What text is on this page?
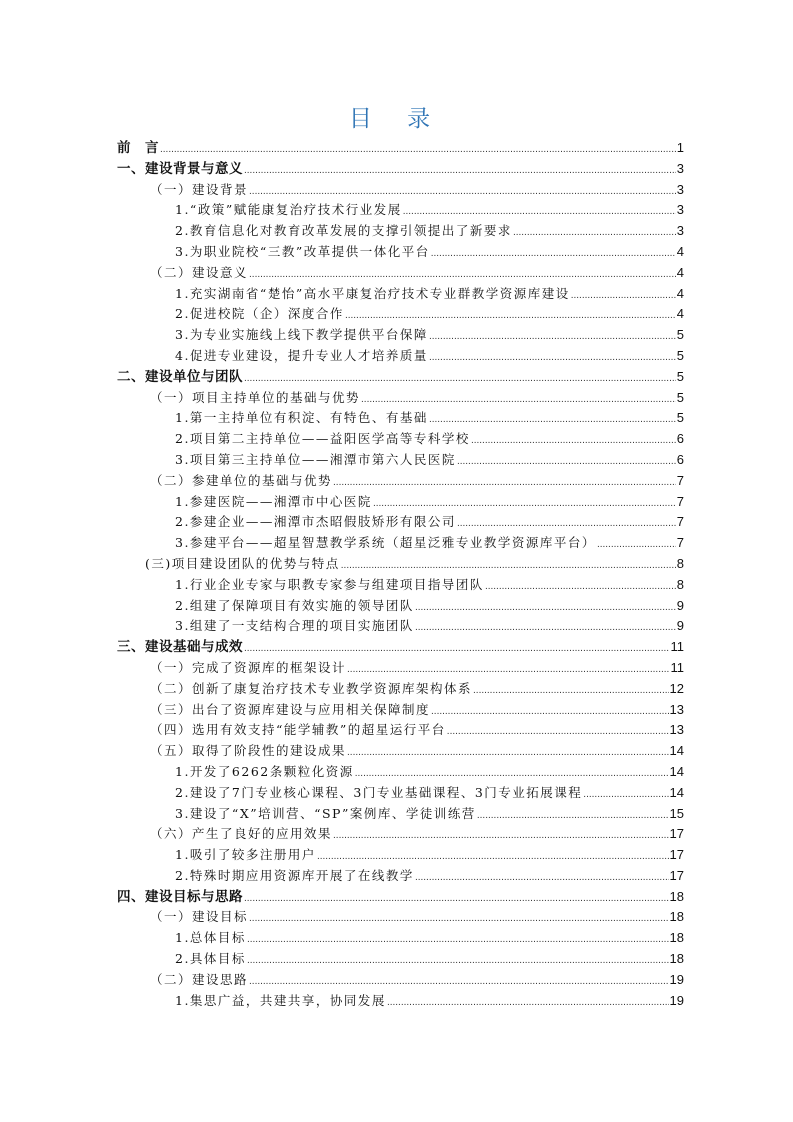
目 录
前　言 .....	1
一、建设背景与意义 .....	3
（一）建设背景 .....	3
1.“政策”赋能康复治疗技术行业发展 .....	3
2.教育信息化对教育改革发展的支撑引领提出了新要求 .....	3
3.为职业院校“三教”改革提供一体化平台 .....	4
（二）建设意义 .....	4
1.充实湖南省“楚怡”高水平康复治疗技术专业群教学资源库建设 .....	4
2.促进校院（企）深度合作 .....	4
3.为专业实施线上线下教学提供平台保障 .....	5
4.促进专业建设，提升专业人才培养质量 .....	5
二、建设单位与团队 .....	5
（一）项目主持单位的基础与优势 .....	5
1.第一主持单位有积淀、有特色、有基础 .....	5
2.项目第二主持单位——益阳医学高等专科学校 .....	6
3.项目第三主持单位——湘潭市第六人民医院 .....	6
（二）参建单位的基础与优势 .....	7
1.参建医院——湘潭市中心医院 .....	7
2.参建企业——湘潭市杰昭假肢矫形有限公司 .....	7
3.参建平台——超星智慧教学系统（超星泛雅专业教学资源库平台） .....	7
(三)项目建设团队的优势与特点 .....	8
1.行业企业专家与职教专家参与组建项目指导团队 .....	8
2.组建了保障项目有效实施的领导团队 .....	9
3.组建了一支结构合理的项目实施团队 .....	9
三、建设基础与成效 .....	11
（一）完成了资源库的框架设计 .....	11
（二）创新了康复治疗技术专业教学资源库架构体系 .....	12
（三）出台了资源库建设与应用相关保障制度 .....	13
（四）选用有效支持“能学辅教”的超星运行平台 .....	13
（五）取得了阶段性的建设成果 .....	14
1.开发了6262条颗粒化资源 .....	14
2.建设了7门专业核心课程、3门专业基础课程、3门专业拓展课程 .....	14
3.建设了“X”培训营、“SP”案例库、学徒训练营 .....	15
（六）产生了良好的应用效果 .....	17
1.吸引了较多注册用户 .....	17
2.特殊时期应用资源库开展了在线教学 .....	17
四、建设目标与思路 .....	18
（一）建设目标 .....	18
1.总体目标 .....	18
2.具体目标 .....	18
（二）建设思路 .....	19
1.集思广益，共建共享，协同发展 .....	19
